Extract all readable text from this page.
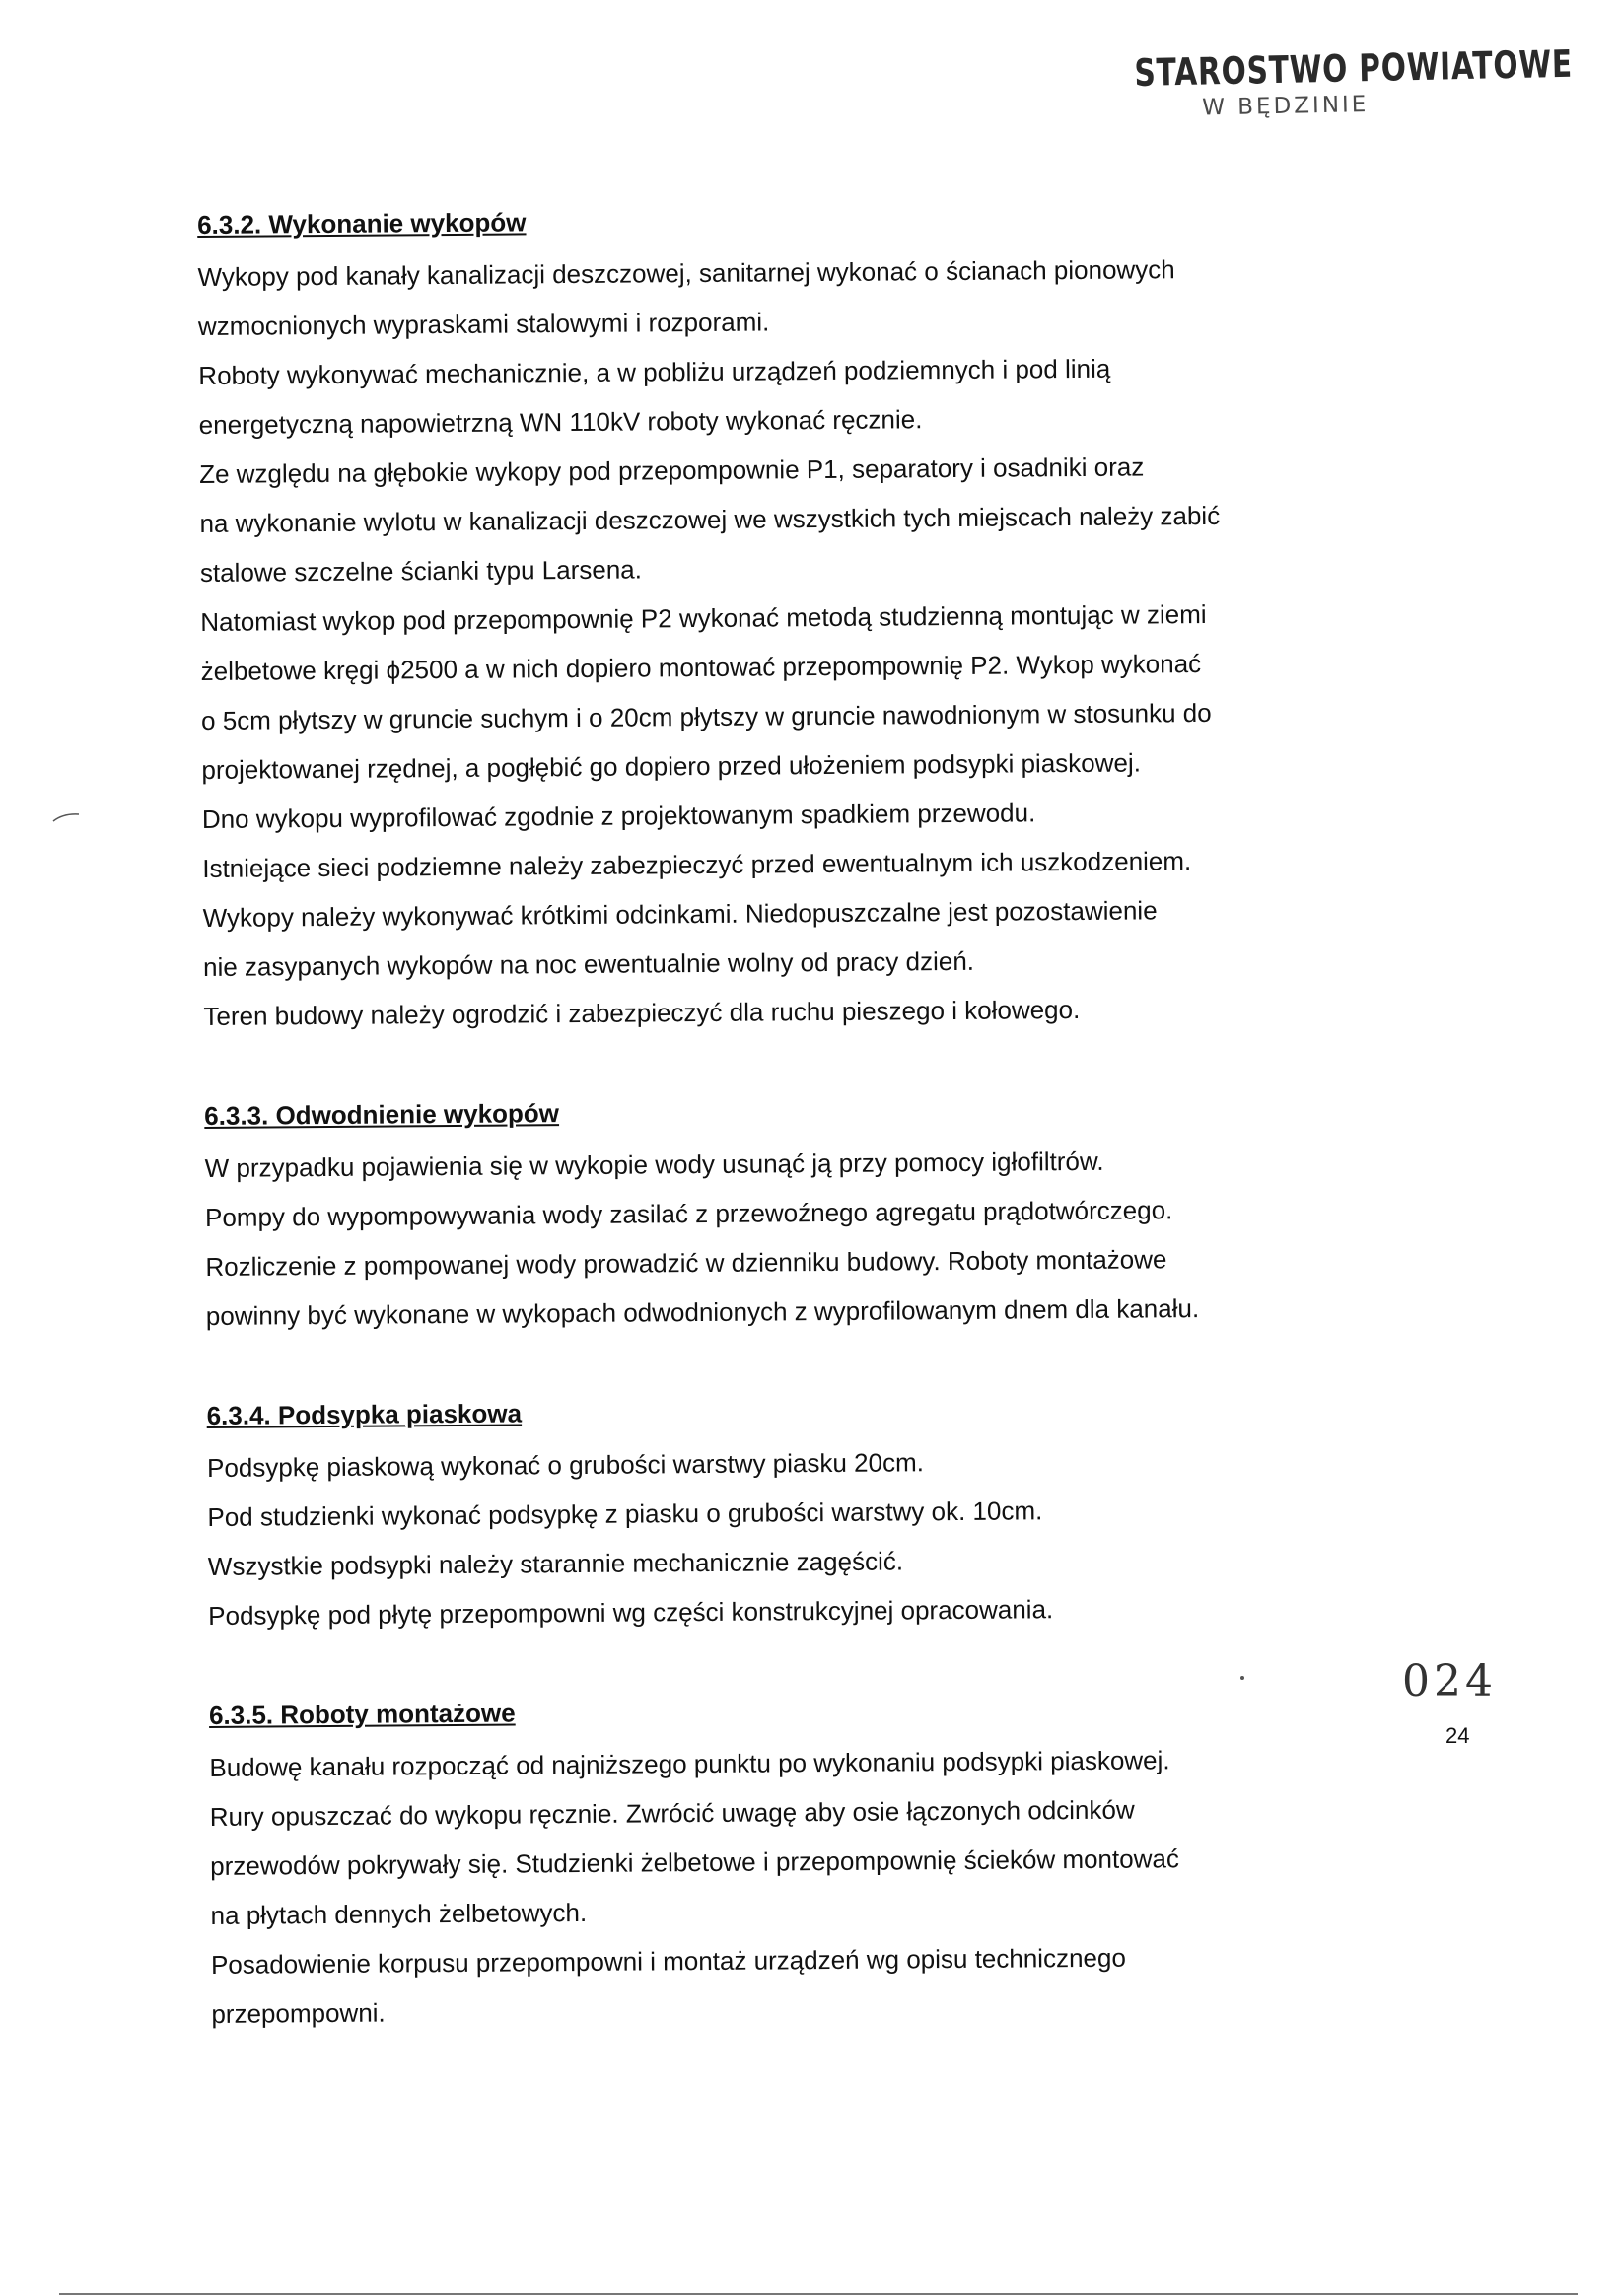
STAROSTWO POWIATOWE
W BĘDZINIE
6.3.2. Wykonanie wykopów

Wykopy pod kanały kanalizacji deszczowej, sanitarnej wykonać o ścianach pionowych

wzmocnionych wypraskami stalowymi i rozporami.

Roboty wykonywać mechanicznie, a w pobliżu urządzeń podziemnych i pod linią

energetyczną napowietrzną WN 110kV roboty wykonać ręcznie.

Ze względu na głębokie wykopy pod przepompownie P1, separatory i osadniki oraz

na wykonanie wylotu w kanalizacji deszczowej we wszystkich tych miejscach należy zabić

stalowe szczelne ścianki typu Larsena.

Natomiast wykop pod przepompownię P2 wykonać metodą studzienną montując w ziemi

żelbetowe kręgi ϕ2500 a w nich dopiero montować przepompownię P2. Wykop wykonać

o 5cm płytszy w gruncie suchym i o 20cm płytszy w gruncie nawodnionym w stosunku do

projektowanej rzędnej, a pogłębić go dopiero przed ułożeniem podsypki piaskowej.

Dno wykopu wyprofilować zgodnie z projektowanym spadkiem przewodu.

Istniejące sieci podziemne należy zabezpieczyć przed ewentualnym ich uszkodzeniem.

Wykopy należy wykonywać krótkimi odcinkami. Niedopuszczalne jest pozostawienie

nie zasypanych wykopów na noc ewentualnie wolny od pracy dzień.

Teren budowy należy ogrodzić i zabezpieczyć dla ruchu pieszego i kołowego.

6.3.3. Odwodnienie wykopów

W przypadku pojawienia się w wykopie wody usunąć ją przy pomocy igłofiltrów.

Pompy do wypompowywania wody zasilać z przewoźnego agregatu prądotwórczego.

Rozliczenie z pompowanej wody prowadzić w dzienniku budowy. Roboty montażowe

powinny być wykonane w wykopach odwodnionych z wyprofilowanym dnem dla kanału.

6.3.4. Podsypka piaskowa

Podsypkę piaskową wykonać o grubości warstwy piasku 20cm.

Pod studzienki wykonać podsypkę z piasku o grubości warstwy ok. 10cm.

Wszystkie podsypki należy starannie mechanicznie zagęścić.

Podsypkę pod płytę przepompowni wg części konstrukcyjnej opracowania.

6.3.5. Roboty montażowe

Budowę kanału rozpocząć od najniższego punktu po wykonaniu podsypki piaskowej.

Rury opuszczać do wykopu ręcznie. Zwrócić uwagę aby osie łączonych odcinków

przewodów pokrywały się. Studzienki żelbetowe i przepompownię ścieków montować

na płytach dennych żelbetowych.

Posadowienie korpusu przepompowni i montaż urządzeń wg opisu technicznego

przepompowni.

024
24
